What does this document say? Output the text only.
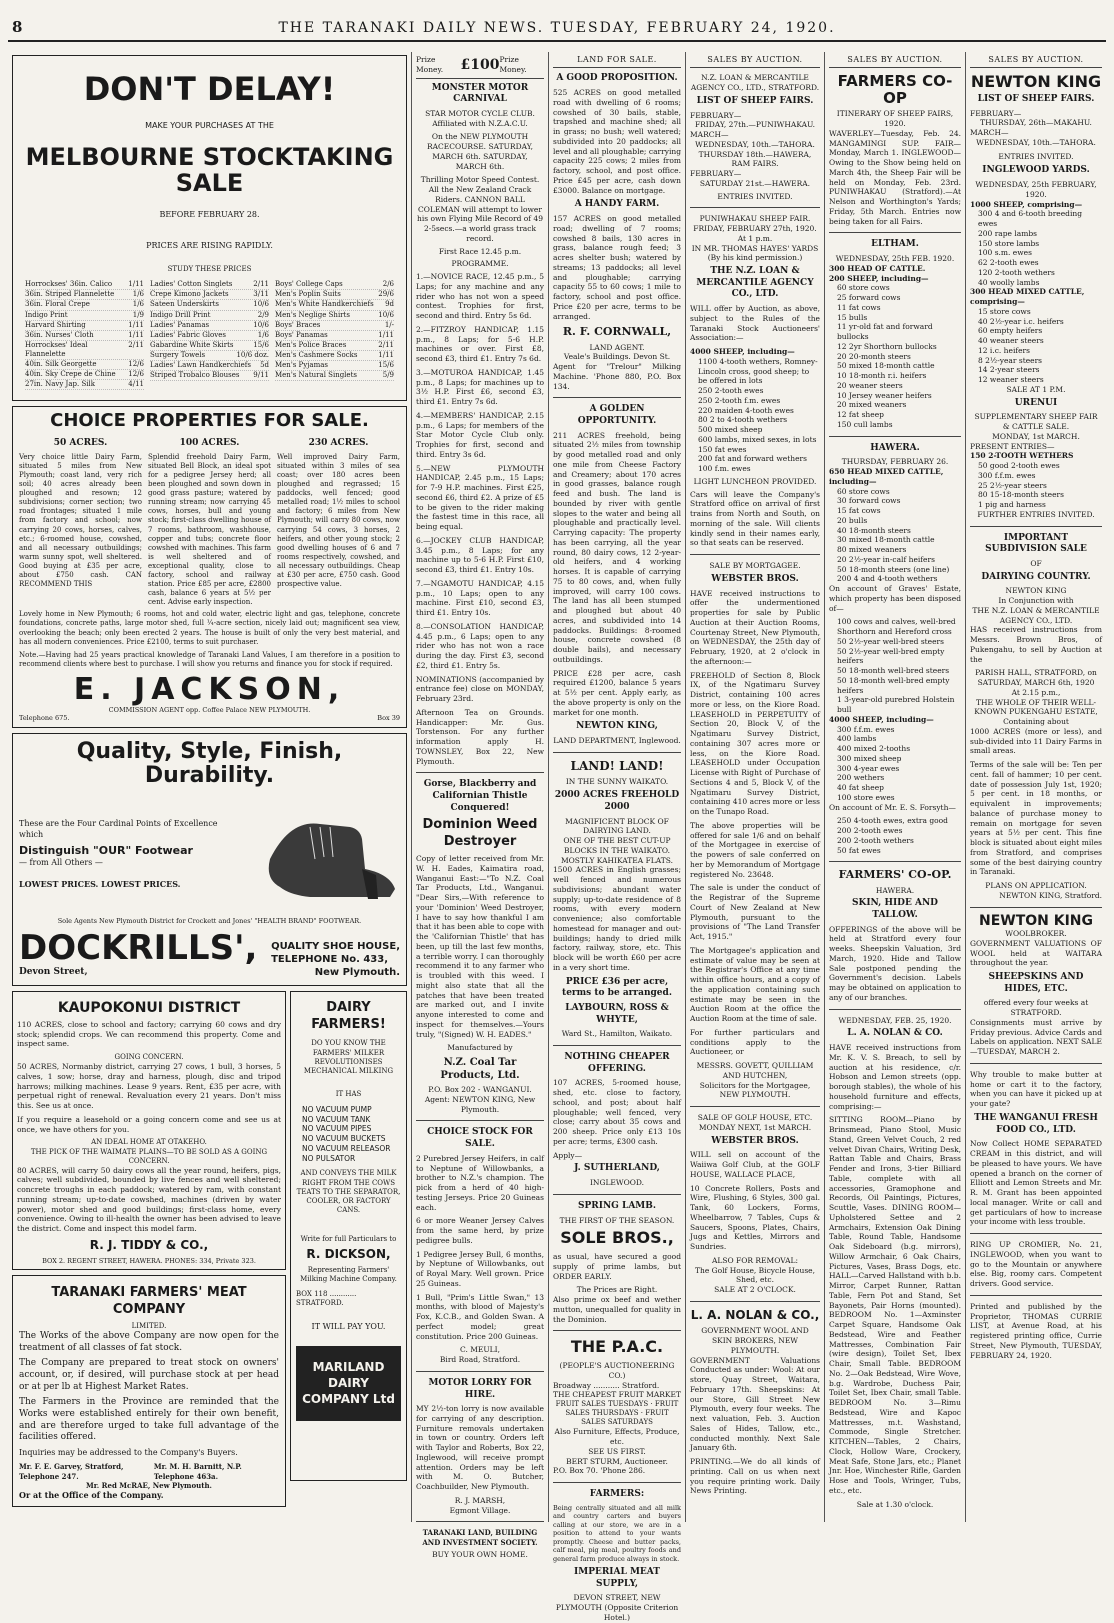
8	THE TARANAKI DAILY NEWS. TUESDAY, FEBRUARY 24, 1920.
DON'T DELAY!
MAKE YOUR PURCHASES AT THE
MELBOURNE STOCKTAKING SALE
BEFORE FEBRUARY 28.
PRICES ARE RISING RAPIDLY.
STUDY THESE PRICES

Horrockses' 36in. Calico 1/11

36in. Striped Flannelette	1/6

36in. Floral Crepe	1/6

Indigo Print	1/9

Harvard Shirting	1/11

36in. Nurses' Cloth	1/11

Horrockses' Ideal Flannelette
2/11

40in. Silk Georgette	12/6

40in. Sky Crepe de Chine 12/6

27in. Navy Jap. Silk	4/11

Ladies' Cotton Singlets	2/11

Crepe Kimono Jackets	3/11

Sateen Underskirts	10/6

Indigo Drill Print	2/9

Ladies' Panamas	10/6

Ladies' Fabric Gloves	1/6

Gabardine White Skirts	15/6

Surgery Towels	10/6 doz.

Ladies' Lawn Handkerchiefs 5d

Striped Trobalco Blouses 9/11

Boys' College Caps	2/6

Men's Poplin Suits	29/6

Men's White Handkerchiefs 9d

Men's Neglige Shirts	10/6

Boys' Braces	1/-

Boys' Panamas	1/11

Men's Police Braces	2/11

Men's Cashmere Socks	1/11

Men's Pyjamas	15/6

Men's Natural Singlets	5/9

CHOICE PROPERTIES FOR SALE.
50 ACRES.
Very choice little Dairy Farm, situated 5 miles from New Plymouth; coast land, very rich soil; 40 acres already been ploughed and resown; 12 subdivisions; corner section; two road frontages; situated 1 mile from factory and school; now carrying 20 cows, horses, calves, etc.; 6-roomed house, cowshed, and all necessary outbuildings; warm sunny spot, well sheltered. Good buying at £35 per acre, about £750 cash. CAN RECOMMEND THIS
100 ACRES.
Splendid freehold Dairy Farm, situated Bell Block, an ideal spot for a pedigree Jersey herd; all been ploughed and sown down in good grass pasture; watered by running stream; now carrying 45 cows, horses, bull and young stock; first-class dwelling house of 7 rooms, bathroom, washhouse, copper and tubs; concrete floor cowshed with machines. This farm is well sheltered and of exceptional quality, close to factory, school and railway station. Price £85 per acre, £2800 cash, balance 6 years at 5½ per cent. Advise early inspection.
230 ACRES.
Well improved Dairy Farm, situated within 3 miles of sea coast; over 180 acres been ploughed and regrassed; 15 paddocks, well fenced; good metalled road; 1½ miles to school and factory; 6 miles from New Plymouth; will carry 80 cows, now carrying 54 cows, 3 horses, 2 heifers, and other young stock; 2 good dwelling houses of 6 and 7 rooms respectively, cowshed, and all necessary outbuildings. Cheap at £30 per acre, £750 cash. Good prospective value.
Lovely home in New Plymouth; 6 rooms, hot and cold water, electric light and gas, telephone, concrete foundations, concrete paths, large motor shed, full ¼-acre section, nicely laid out; magnificent sea view, overlooking the beach; only been erected 2 years. The house is built of only the very best material, and has all modern conveniences. Price £2100, terms to suit purchaser.
Note.—Having had 25 years practical knowledge of Taranaki Land Values, I am therefore in a position to recommend clients where best to purchase. I will show you returns and finance you for stock if required.
E. JACKSON,
COMMISSION AGENT opp. Coffee Palace NEW PLYMOUTH.
Telephone 675.	Box 39
Quality, Style, Finish, Durability.
These are the Four Cardinal Points of Excellence which
Distinguish "OUR" Footwear
— from All Others —
LOWEST PRICES. LOWEST PRICES.
Sole Agents New Plymouth District for Crockett and Jones' "HEALTH BRAND" FOOTWEAR.
DOCKRILLS',
Devon Street,
QUALITY SHOE HOUSE,
TELEPHONE No. 433,
New Plymouth.
KAUPOKONUI DISTRICT
110 ACRES, close to school and factory; carrying 60 cows and dry stock; splendid crops. We can recommend this property. Come and inspect same.
GOING CONCERN.
50 ACRES, Normanby district, carrying 27 cows, 1 bull, 3 horses, 5 calves, 1 sow; horse, dray and harness, plough, disc and tripod harrows; milking machines. Lease 9 years. Rent, £35 per acre, with perpetual right of renewal. Revaluation every 21 years. Don't miss this. See us at once.
If you require a leasehold or a going concern come and see us at once, we have others for you.
AN IDEAL HOME AT OTAKEHO.
THE PICK OF THE WAIMATE PLAINS—TO BE SOLD AS A GOING CONCERN.
80 ACRES, will carry 50 dairy cows all the year round, heifers, pigs, calves; well subdivided, bounded by live fences and well sheltered; concrete troughs in each paddock; watered by ram, with constant running stream; up-to-date cowshed, machines (driven by water power), motor shed and good buildings; first-class home, every convenience. Owing to ill-health the owner has been advised to leave the district. Come and inspect this model farm.
R. J. TIDDY & CO.,
BOX 2. REGENT STREET, HAWERA. PHONES: 334, Private 323.
TARANAKI FARMERS' MEAT COMPANY
LIMITED.
The Works of the above Company are now open for the treatment of all classes of fat stock.
The Company are prepared to treat stock on owners' account, or, if desired, will purchase stock at per head or at per lb at Highest Market Rates.
The Farmers in the Province are reminded that the Works were established entirely for their own benefit, and are therefore urged to take full advantage of the facilities offered.
Inquiries may be addressed to the Company's Buyers.
Mr. F. E. Garvey, Stratford, Telephone 247.
Mr. M. H. Barnitt, N.P. Telephone 463a.
Mr. Red McRAE, New Plymouth.
Or at the Office of the Company.
DAIRY FARMERS!
DO YOU KNOW THE FARMERS' MILKER REVOLUTIONISES MECHANICAL MILKING
IT HAS
NO VACUUM PUMP
NO VACUUM TANK
NO VACUUM PIPES
NO VACUUM BUCKETS
NO VACUUM RELEASOR
NO PULSATOR
AND CONVEYS THE MILK RIGHT FROM THE COWS TEATS TO THE SEPARATOR, COOLER, OR FACTORY CANS.
Write for full Particulars to
R. DICKSON,
Representing Farmers' Milking Machine Company.
BOX 118 ............ STRATFORD.
IT WILL PAY YOU.
MARILAND DAIRY COMPANY Ltd
Prize Money.	£100 Prize Money.
MONSTER MOTOR CARNIVAL
STAR MOTOR CYCLE CLUB. Affiliated with N.Z.A.C.U.
On the NEW PLYMOUTH RACECOURSE. SATURDAY, MARCH 6th. SATURDAY, MARCH 6th.
Thrilling Motor Speed Contest. All the New Zealand Crack Riders. CANNON BALL COLEMAN will attempt to lower his own Flying Mile Record of 49 2-5secs.—a world grass track record.
First Race 12.45 p.m.
PROGRAMME.
1.—NOVICE RACE, 12.45 p.m., 5 Laps; for any machine and any rider who has not won a speed contest. Trophies for first, second and third. Entry 5s 6d.
2.—FITZROY HANDICAP, 1.15 p.m., 8 Laps; for 5-6 H.P. machines or over. First £8, second £3, third £1. Entry 7s 6d.
3.—MOTUROA HANDICAP, 1.45 p.m., 8 Laps; for machines up to 3½ H.P. First £6, second £3, third £1. Entry 7s 6d.
4.—MEMBERS' HANDICAP, 2.15 p.m., 6 Laps; for members of the Star Motor Cycle Club only. Trophies for first, second and third. Entry 3s 6d.
5.—NEW PLYMOUTH HANDICAP, 2.45 p.m., 15 Laps; for 7-9 H.P. machines. First £25, second £6, third £2. A prize of £5 to be given to the rider making the fastest time in this race, all being equal.
6.—JOCKEY CLUB HANDICAP, 3.45 p.m., 8 Laps; for any machine up to 5-6 H.P. First £10, second £3, third £1. Entry 10s.
7.—NGAMOTU HANDICAP, 4.15 p.m., 10 Laps; open to any machine. First £10, second £3, third £1. Entry 10s.
8.—CONSOLATION HANDICAP, 4.45 p.m., 6 Laps; open to any rider who has not won a race during the day. First £3, second £2, third £1. Entry 5s.
NOMINATIONS (accompanied by entrance fee) close on MONDAY, February 23rd.
Afternoon Tea on Grounds. Handicapper: Mr. Gus. Torstenson. For any further information apply H. TOWNSLEY, Box 22, New Plymouth.
Gorse, Blackberry and Californian Thistle Conquered!
Dominion Weed Destroyer
Copy of letter received from Mr. W. H. Eades, Kaimatira road, Wanganui East:—"To N.Z. Coal Tar Products, Ltd., Wanganui. "Dear Sirs,—With reference to your 'Dominion' Weed Destroyer, I have to say how thankful I am that it has been able to cope with the 'Californian Thistle' that has been, up till the last few months, a terrible worry. I can thoroughly recommend it to any farmer who is troubled with this weed. I might also state that all the patches that have been treated are marked out, and I invite anyone interested to come and inspect for themselves.—Yours truly, "(Signed) W. H. EADES."
Manufactured by
N.Z. Coal Tar Products, Ltd.
P.O. Box 202 - WANGANUI.
Agent: NEWTON KING, New Plymouth.
CHOICE STOCK FOR SALE.
2 Purebred Jersey Heifers, in calf to Neptune of Willowbanks, a brother to N.Z.'s champion. The pick from a herd of 40 high-testing Jerseys. Price 20 Guineas each.
6 or more Weaner Jersey Calves from the same herd, by prize pedigree bulls.
1 Pedigree Jersey Bull, 6 months, by Neptune of Willowbanks, out of Royal Mary. Well grown. Price 25 Guineas.
1 Bull, "Prim's Little Swan," 13 months, with blood of Majesty's Fox, K.C.B., and Golden Swan. A perfect model; great constitution. Price 200 Guineas.
C. MEULI,
Bird Road, Stratford.
MOTOR LORRY FOR HIRE.
MY 2½-ton lorry is now available for carrying of any description. Furniture removals undertaken in town or country. Orders left with Taylor and Roberts, Box 22, Inglewood, will receive prompt attention. Orders may be left with M. O. Butcher, Coachbuilder, New Plymouth.
R. J. MARSH,
Egmont Village.
TARANAKI LAND, BUILDING AND INVESTMENT SOCIETY.
BUY YOUR OWN HOME.
LAND FOR SALE.
A GOOD PROPOSITION.
525 ACRES on good metalled road with dwelling of 6 rooms; cowshed of 30 bails, stable, trapshed and machine shed; all in grass; no bush; well watered; subdivided into 20 paddocks; all level and all ploughable; carrying capacity 225 cows; 2 miles from factory, school, and post office. Price £45 per acre, cash down £3000. Balance on mortgage.
A HANDY FARM.
157 ACRES on good metalled road; dwelling of 7 rooms; cowshed 8 bails, 130 acres in grass, balance rough feed; 3 acres shelter bush; watered by streams; 13 paddocks; all level and ploughable; carrying capacity 55 to 60 cows; 1 mile to factory, school and post office. Price £20 per acre, terms to be arranged.
R. F. CORNWALL,
LAND AGENT.
Veale's Buildings. Devon St.
Agent for "Trelour" Milking Machine. 'Phone 880, P.O. Box 134.
A GOLDEN OPPORTUNITY.
211 ACRES freehold, being situated 2½ miles from township by good metalled road and only one mile from Cheese Factory and Creamery; about 170 acres in good grasses, balance rough feed and bush. The land is bounded by river with gentle slopes to the water and being all ploughable and practically level. Carrying capacity: The property has been carrying, all the year round, 80 dairy cows, 12 2-year-old heifers, and 4 working horses. It is capable of carrying 75 to 80 cows, and, when fully improved, will carry 100 cows. The land has all been stumped and ploughed but about 40 acres, and subdivided into 14 paddocks. Buildings: 8-roomed house, concrete cowshed (8 double bails), and necessary outbuildings.
PRICE £28 per acre, cash required £1200, balance 5 years at 5½ per cent. Apply early, as the above property is only on the market for one month.
NEWTON KING,
LAND DEPARTMENT, Inglewood.
LAND! LAND!
IN THE SUNNY WAIKATO.
2000 ACRES FREEHOLD 2000
MAGNIFICENT BLOCK OF DAIRYING LAND.
ONE OF THE BEST CUT-UP BLOCKS IN THE WAIKATO.
MOSTLY KAHIKATEA FLATS.
1500 ACRES in English grasses; well fenced and numerous subdivisions; abundant water supply; up-to-date residence of 8 rooms, with every modern convenience; also comfortable homestead for manager and out-buildings; handy to dried milk factory, railway, store, etc. This block will be worth £60 per acre in a very short time.
PRICE £36 per acre, terms to be arranged.
LAYBOURN, ROSS & WHYTE,
Ward St., Hamilton, Waikato.
NOTHING CHEAPER OFFERING.
107 ACRES, 5-roomed house, shed, etc. close to factory, school, and post; about half ploughable; well fenced, very close; carry about 35 cows and 200 sheep. Price only £13 10s per acre; terms, £300 cash.
Apply—
J. SUTHERLAND,
INGLEWOOD.
SPRING LAMB.
THE FIRST OF THE SEASON.
SOLE BROS.,
as usual, have secured a good supply of prime lambs, but ORDER EARLY.
The Prices are Right.
Also prime ox beef and wether mutton, unequalled for quality in the Dominion.
THE P.A.C.
(PEOPLE'S AUCTIONEERING CO.)
Broadway ........... Stratford.
THE CHEAPEST FRUIT MARKET
FRUIT SALES TUESDAYS · FRUIT SALES THURSDAYS · FRUIT SALES SATURDAYS
Also Furniture, Effects, Produce, etc.
SEE US FIRST.
BERT STURM, Auctioneer.
P.O. Box 70. 'Phone 286.
FARMERS:
Being centrally situated and all milk and country carters and buyers calling at our store, we are in a position to attend to your wants promptly. Cheese and butter packs, calf meal, pig meal, poultry foods and general farm produce always in stock.
IMPERIAL MEAT SUPPLY,
DEVON STREET, NEW PLYMOUTH (Opposite Criterion Hotel.)
SALES BY AUCTION.
N.Z. LOAN & MERCANTILE AGENCY CO., LTD., STRATFORD.
LIST OF SHEEP FAIRS.
FEBRUARY—
FRIDAY, 27th.—PUNIWHAKAU.
MARCH—
WEDNESDAY, 10th.—TAHORA.
THURSDAY 18th.—HAWERA, RAM FAIRS.
FEBRUARY—
SATURDAY 21st.—HAWERA.
ENTRIES INVITED.
PUNIWHAKAU SHEEP FAIR.
FRIDAY, FEBRUARY 27th, 1920.
At 1 p.m.
IN MR. THOMAS HAYES' YARDS (By his kind permission.)
THE N.Z. LOAN & MERCANTILE AGENCY CO., LTD.
WILL offer by Auction, as above, subject to the Rules of the Taranaki Stock Auctioneers' Association:—
4000 SHEEP, including—
1100 4-tooth wethers, Romney-Lincoln cross, good sheep; to be offered in lots
250 2-tooth ewes
250 2-tooth f.m. ewes
220 maiden 4-tooth ewes
80 2 to 4-tooth wethers
500 mixed sheep
600 lambs, mixed sexes, in lots
150 fat ewes
200 fat and forward wethers
100 f.m. ewes
LIGHT LUNCHEON PROVIDED.
Cars will leave the Company's Stratford office on arrival of first trains from North and South, on morning of the sale. Will clients kindly send in their names early, so that seats can be reserved.
SALE BY MORTGAGEE.
WEBSTER BROS.
HAVE received instructions to offer the undermentioned properties for sale by Public Auction at their Auction Rooms, Courtenay Street, New Plymouth, on WEDNESDAY, the 25th day of February, 1920, at 2 o'clock in the afternoon:—
FREEHOLD of Section 8, Block IX, of the Ngatimaru Survey District, containing 100 acres more or less, on the Kiore Road. LEASEHOLD in PERPETUITY of Section 20, Block V, of the Ngatimaru Survey District, containing 307 acres more or less, on the Kiore Road. LEASEHOLD under Occupation License with Right of Purchase of Sections 4 and 5, Block V, of the Ngatimaru Survey District, containing 410 acres more or less on the Tunapo Road.
The above properties will be offered for sale 1/6 and on behalf of the Mortgagee in exercise of the powers of sale conferred on her by Memorandum of Mortgage registered No. 23648.
The sale is under the conduct of the Registrar of the Supreme Court of New Zealand at New Plymouth, pursuant to the provisions of "The Land Transfer Act, 1915."
The Mortgagee's application and estimate of value may be seen at the Registrar's Office at any time within office hours, and a copy of the application containing such estimate may be seen in the Auction Room at the office the Auction Room at the time of sale.
For further particulars and conditions apply to the Auctioneer, or
MESSRS. GOVETT, QUILLIAM AND HUTCHEN,
Solicitors for the Mortgagee, NEW PLYMOUTH.
SALE OF GOLF HOUSE, ETC.
MONDAY NEXT, 1st MARCH.
WEBSTER BROS.
WILL sell on account of the Waiiwa Golf Club, at the GOLF HOUSE, WALLACE PLACE,
10 Concrete Rollers, Posts and Wire, Flushing, 6 Styles, 300 gal. Tank, 60 Lockers, Forms, Wheelbarrow, 7 Tables, Cups & Saucers, Spoons, Plates, Chairs, Jugs and Kettles, Mirrors and Sundries.
ALSO FOR REMOVAL:
The Golf House, Bicycle House, Shed, etc.
SALE AT 2 O'CLOCK.
L. A. NOLAN & CO.,
GOVERNMENT WOOL AND SKIN BROKERS, NEW PLYMOUTH.
GOVERNMENT Valuations Conducted as under: Wool: At our store, Quay Street, Waitara, February 17th. Sheepskins: At our Store, Gill Street New Plymouth, every four weeks. The next valuation, Feb. 3. Auction Sales of Hides, Tallow, etc., conducted monthly. Next Sale January 6th.
PRINTING.—We do all kinds of printing. Call on us when next you require printing work. Daily News Printing.
SALES BY AUCTION.
FARMERS CO-OP
ITINERARY OF SHEEP FAIRS, 1920.
WAVERLEY—Tuesday, Feb. 24. MANGAMINGI SUP. FAIR—Monday, March 1. INGLEWOOD—Owing to the Show being held on March 4th, the Sheep Fair will be held on Monday, Feb. 23rd. PUNIWHAKAU (Stratford).—At Nelson and Worthington's Yards; Friday, 5th March. Entries now being taken for all Fairs.
ELTHAM.
WEDNESDAY, 25th FEB. 1920.
300 HEAD OF CATTLE.
200 SHEEP, including—
60 store cows
25 forward cows
11 fat cows
15 bulls
11 yr-old fat and forward bullocks
12 2yr Shorthorn bullocks
20 20-month steers
50 mixed 18-month cattle
10 18-month r.i. heifers
20 weaner steers
10 Jersey weaner heifers
20 mixed weaners
12 fat sheep
150 cull lambs
HAWERA.
THURSDAY, FEBRUARY 26.
650 HEAD MIXED CATTLE, including—
60 store cows
30 forward cows
15 fat cows
20 bulls
40 18-month steers
30 mixed 18-month cattle
80 mixed weaners
20 2½-year in-calf heifers
50 18-month steers (one line)
200 4 and 4-tooth wethers
On account of Graves' Estate, which property has been disposed of—
100 cows and calves, well-bred Shorthorn and Hereford cross
50 2½-year well-bred steers
50 2½-year well-bred empty heifers
50 18-month well-bred steers
50 18-month well-bred empty heifers
1 3-year-old purebred Holstein bull
4000 SHEEP, including—
300 f.f.m. ewes
400 lambs
400 mixed 2-tooths
300 mixed sheep
300 4-year ewes
200 wethers
40 fat sheep
100 store ewes
On account of Mr. E. S. Forsyth—
250 4-tooth ewes, extra good
200 2-tooth ewes
200 2-tooth wethers
50 fat ewes
FARMERS' CO-OP.
HAWERA.
SKIN, HIDE AND TALLOW.
OFFERINGS of the above will be held at Stratford every four weeks. Sheepskin Valuation, 3rd March, 1920. Hide and Tallow Sale postponed pending the Government's decision. Labels may be obtained on application to any of our branches.
WEDNESDAY, FEB. 25, 1920.
L. A. NOLAN & CO.
HAVE received instructions from Mr. K. V. S. Breach, to sell by auction at his residence, c/r. Hobson and Lemon streets (opp. borough stables), the whole of his household furniture and effects, comprising:—
SITTING ROOM—Piano by Brinsmead, Piano Stool, Music Stand, Green Velvet Couch, 2 red velvet Divan Chairs, Writing Desk, Rattan Table and Chairs, Brass Fender and Irons, 3-tier Billiard Table, complete with all accessories, Gramophone and Records, Oil Paintings, Pictures, Scuttle, Vases. DINING ROOM—Upholstered Settee and 2 Armchairs, Extension Oak Dining Table, Round Table, Handsome Oak Sideboard (b.g. mirrors), Willow Armchair, 6 Oak Chairs, Pictures, Vases, Brass Dogs, etc. HALL—Carved Hallstand with b.b. Mirror, Carpet Runner, Rattan Table, Fern Pot and Stand, Set Bayonets, Pair Horns (mounted). BEDROOM No. 1—Axminster Carpet Square, Handsome Oak Bedstead, Wire and Feather Mattresses, Combination Fair (wire design), Toilet Set, Ibex Chair, Small Table. BEDROOM No. 2—Oak Bedstead, Wire Wove, b.g. Wardrobe, Duchess Pair, Toilet Set, Ibex Chair, small Table. BEDROOM No. 3—Rimu Bedstead, Wire and Kapoc Mattresses, m.t. Washstand, Commode, Single Stretcher. KITCHEN—Tables, 2 Chairs, Clock, Hollow Ware, Crockery, Meat Safe, Stone Jars, etc.; Planet Jnr. Hoe, Winchester Rifle, Garden Hose and Tools, Wringer, Tubs, etc., etc.
Sale at 1.30 o'clock.
SALES BY AUCTION.
NEWTON KING
LIST OF SHEEP FAIRS.
FEBRUARY—
THURSDAY, 26th—MAKAHU.
MARCH—
WEDNESDAY, 10th.—TAHORA.
ENTRIES INVITED.
INGLEWOOD YARDS.
WEDNESDAY, 25th FEBRUARY, 1920.
1000 SHEEP, comprising—
300 4 and 6-tooth breeding ewes
200 rape lambs
150 store lambs
100 s.m. ewes
62 2-tooth ewes
120 2-tooth wethers
40 woolly lambs
300 HEAD MIXED CATTLE, comprising—
15 store cows
40 2½-year i.c. heifers
60 empty heifers
40 weaner steers
12 i.c. heifers
8 2½-year steers
14 2-year steers
12 weaner steers
SALE AT 1 P.M.
URENUI
SUPPLEMENTARY SHEEP FAIR & CATTLE SALE.
MONDAY, 1st MARCH.
PRESENT ENTRIES—
150 2-TOOTH WETHERS
50 good 2-tooth ewes
300 f.f.m. ewes
25 2½-year steers
80 15-18-month steers
1 pig and harness
FURTHER ENTRIES INVITED.
IMPORTANT SUBDIVISION SALE
OF
DAIRYING COUNTRY.
NEWTON KING
In Conjunction with
THE N.Z. LOAN & MERCANTILE AGENCY CO., LTD.
HAS received instructions from Messrs. Brown Bros, of Pukengahu, to sell by Auction at the
PARISH HALL, STRATFORD, on SATURDAY, MARCH 6th, 1920
At 2.15 p.m.,
THE WHOLE OF THEIR WELL-KNOWN PUKENGAHU ESTATE,
Containing about
1000 ACRES (more or less), and sub-divided into 11 Dairy Farms in small areas.
Terms of the sale will be: Ten per cent. fall of hammer; 10 per cent. date of possession July 1st, 1920; 5 per cent. in 18 months, or equivalent in improvements; balance of purchase money to remain on mortgage for seven years at 5½ per cent. This fine block is situated about eight miles from Stratford, and comprises some of the best dairying country in Taranaki.
PLANS ON APPLICATION.
NEWTON KING, Stratford.
NEWTON KING
WOOLBROKER.
GOVERNMENT VALUATIONS OF WOOL held at WAITARA throughout the year.
SHEEPSKINS AND HIDES, ETC.
offered every four weeks at STRATFORD.
Consignments must arrive by Friday previous. Advice Cards and Labels on application. NEXT SALE—TUESDAY, MARCH 2.
Why trouble to make butter at home or cart it to the factory, when you can have it picked up at your gate?
THE WANGANUI FRESH FOOD CO., LTD.
Now Collect HOME SEPARATED CREAM in this district, and will be pleased to have yours. We have opened a branch on the corner of Elliott and Lemon Streets and Mr. R. M. Grant has been appointed local manager. Write or call and get particulars of how to increase your income with less trouble.
RING UP CROMIER, No. 21, INGLEWOOD, when you want to go to the Mountain or anywhere else. Big, roomy cars. Competent drivers. Good service.
Printed and published by the Proprietor, THOMAS CURRIE LIST, at Avenue Road, at his registered printing office, Currie Street, New Plymouth, TUESDAY, FEBRUARY 24, 1920.
